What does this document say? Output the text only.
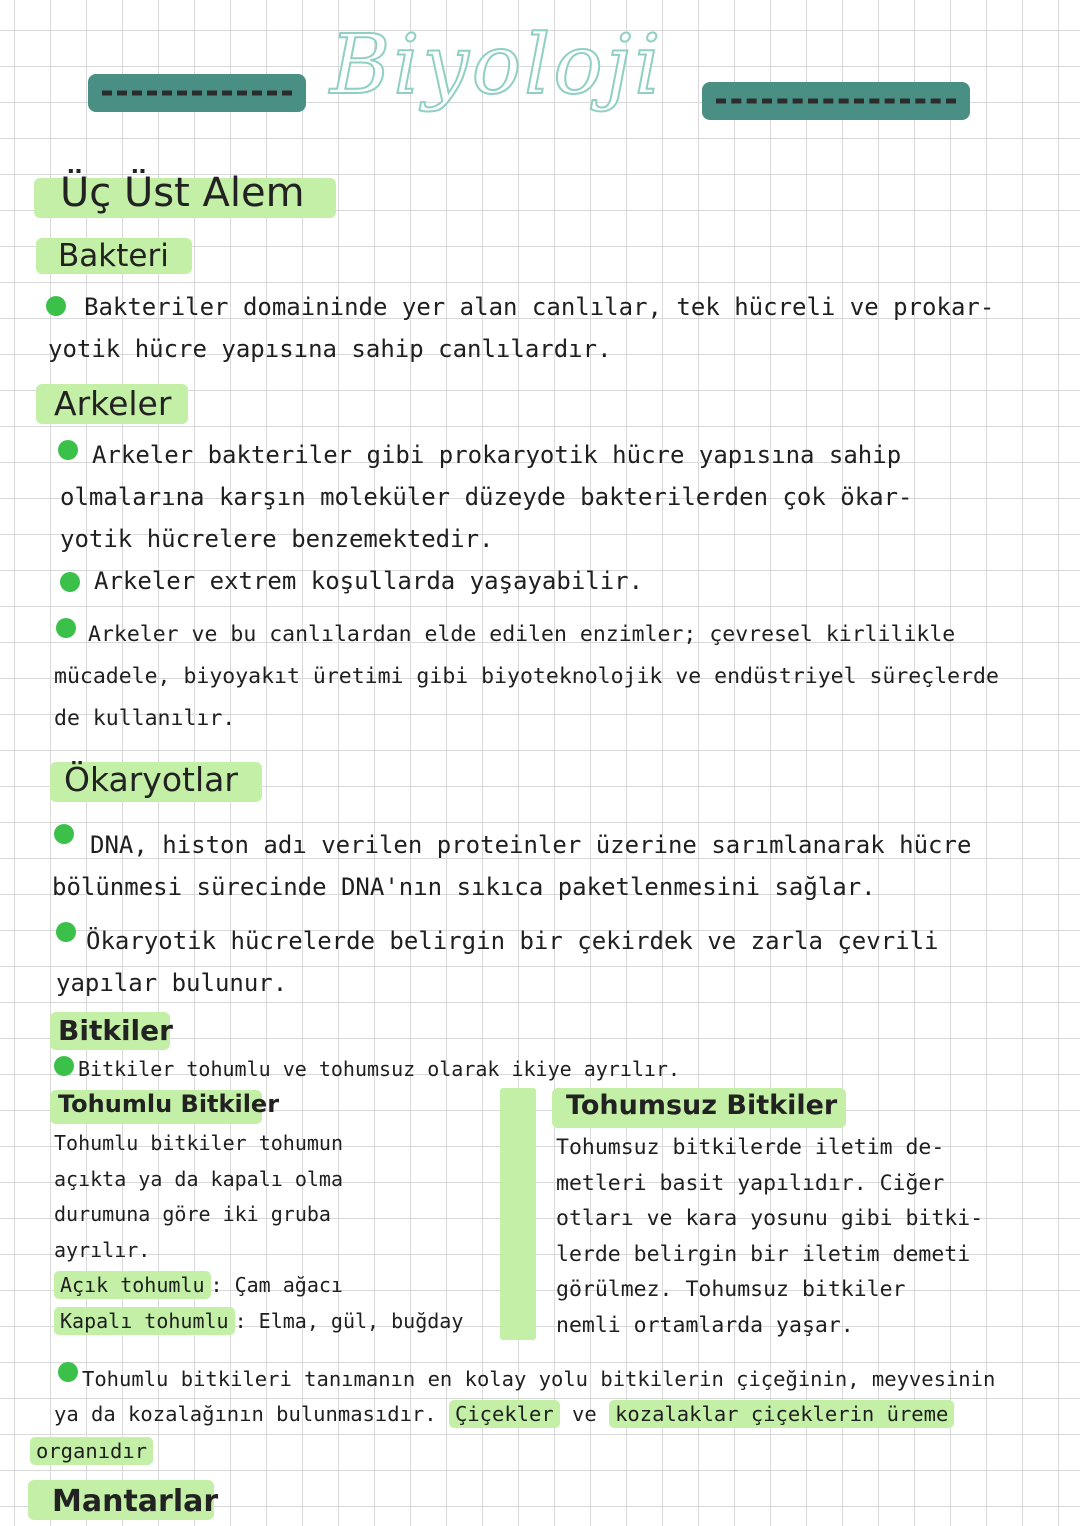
Biyoloji
Üç Üst Alem
Bakteri
Bakteriler domaininde yer alan canlılar, tek hücreli ve prokar-
yotik hücre yapısına sahip canlılardır.
Arkeler
Arkeler bakteriler gibi prokaryotik hücre yapısına sahip
olmalarına karşın moleküler düzeyde bakterilerden çok ökar-
yotik hücrelere benzemektedir.
Arkeler extrem koşullarda yaşayabilir.
Arkeler ve bu canlılardan elde edilen enzimler; çevresel kirlilikle
mücadele, biyoyakıt üretimi gibi biyoteknolojik ve endüstriyel süreçlerde
de kullanılır.
Ökaryotlar
DNA, histon adı verilen proteinler üzerine sarımlanarak hücre
bölünmesi sürecinde DNA'nın sıkıca paketlenmesini sağlar.
Ökaryotik hücrelerde belirgin bir çekirdek ve zarla çevrili
yapılar bulunur.
Bitkiler
Bitkiler tohumlu ve tohumsuz olarak ikiye ayrılır.
Tohumlu Bitkiler
Tohumlu bitkiler tohumun
açıkta ya da kapalı olma
durumuna göre iki gruba
ayrılır.
Açık tohumlu : Çam ağacı
Kapalı tohumlu : Elma, gül, buğday
Tohumsuz Bitkiler
Tohumsuz bitkilerde iletim de-
metleri basit yapılıdır. Ciğer
otları ve kara yosunu gibi bitki-
lerde belirgin bir iletim demeti
görülmez. Tohumsuz bitkiler
nemli ortamlarda yaşar.
Tohumlu bitkileri tanımanın en kolay yolu bitkilerin çiçeğinin, meyvesinin
ya da kozalağının bulunmasıdır. Çiçekler ve kozalaklar çiçeklerin üreme
organıdır
Mantarlar
